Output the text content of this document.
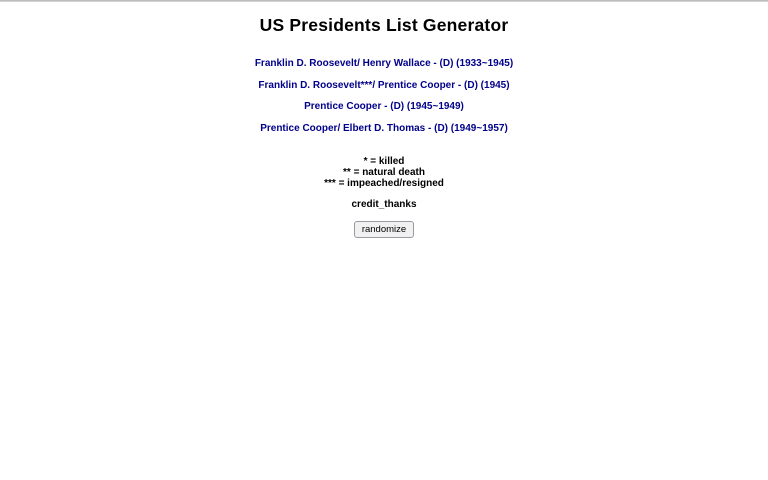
US Presidents List Generator
Franklin D. Roosevelt/ Henry Wallace - (D) (1933~1945)
Franklin D. Roosevelt***/ Prentice Cooper - (D) (1945)
Prentice Cooper - (D) (1945~1949)
Prentice Cooper/ Elbert D. Thomas - (D) (1949~1957)
* = killed
** = natural death
*** = impeached/resigned
credit_thanks
randomize
